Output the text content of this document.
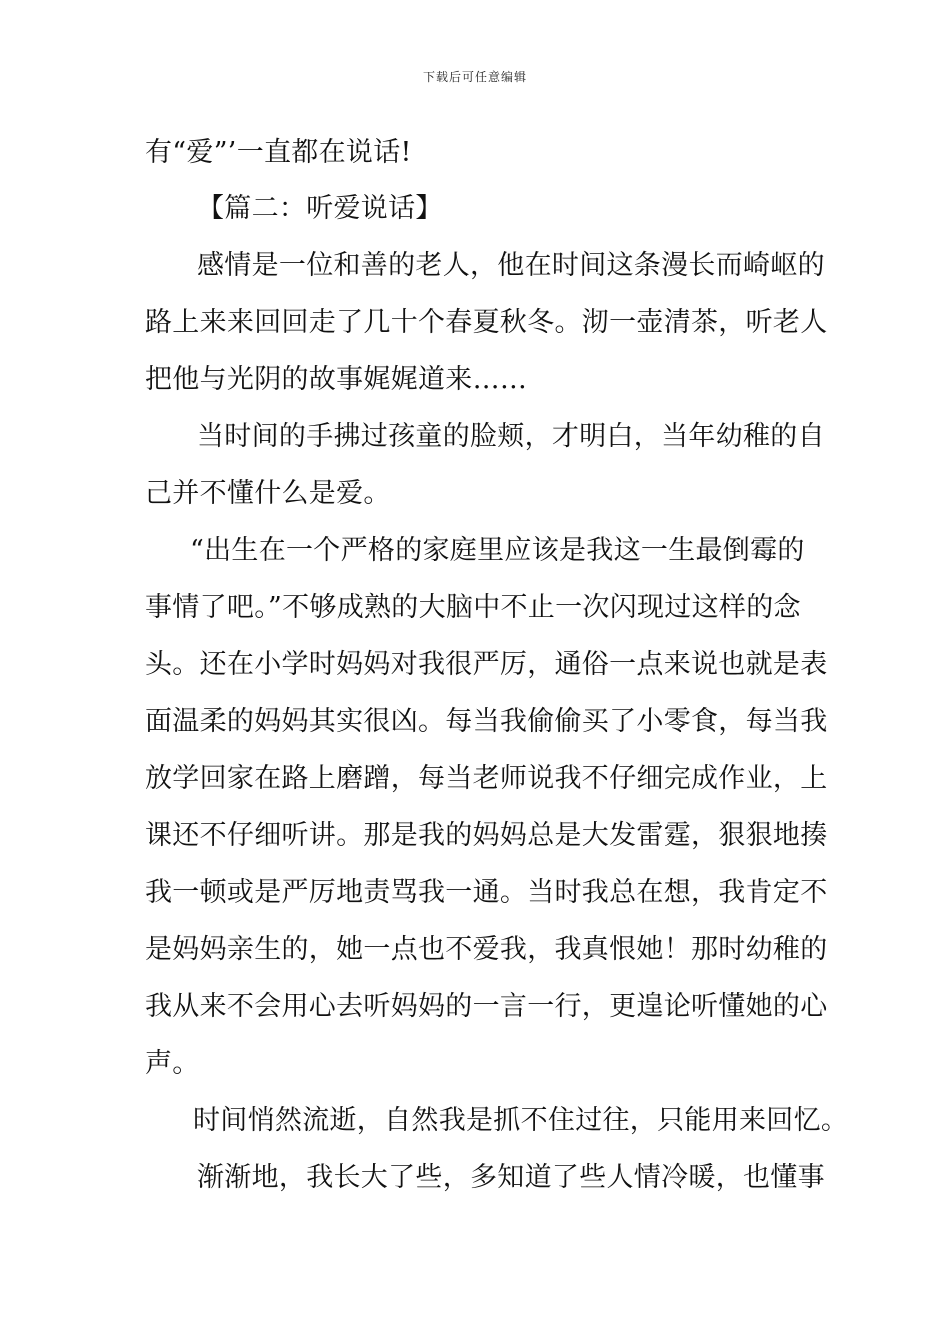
下载后可任意编辑
有“爱”’一直都在说话!
【篇二：听爱说话】
感情是一位和善的老人，他在时间这条漫长而崎岖的
路上来来回回走了几十个春夏秋冬。沏一壶清茶，听老人
把他与光阴的故事娓娓道来……
当时间的手拂过孩童的脸颊，才明白，当年幼稚的自
己并不懂什么是爱。
“出生在一个严格的家庭里应该是我这一生最倒霉的
事情了吧。”不够成熟的大脑中不止一次闪现过这样的念
头。还在小学时妈妈对我很严厉，通俗一点来说也就是表
面温柔的妈妈其实很凶。每当我偷偷买了小零食，每当我
放学回家在路上磨蹭，每当老师说我不仔细完成作业，上
课还不仔细听讲。那是我的妈妈总是大发雷霆，狠狠地揍
我一顿或是严厉地责骂我一通。当时我总在想，我肯定不
是妈妈亲生的，她一点也不爱我，我真恨她！那时幼稚的
我从来不会用心去听妈妈的一言一行，更遑论听懂她的心
声。
时间悄然流逝，自然我是抓不住过往，只能用来回忆。
渐渐地，我长大了些，多知道了些人情冷暖，也懂事
